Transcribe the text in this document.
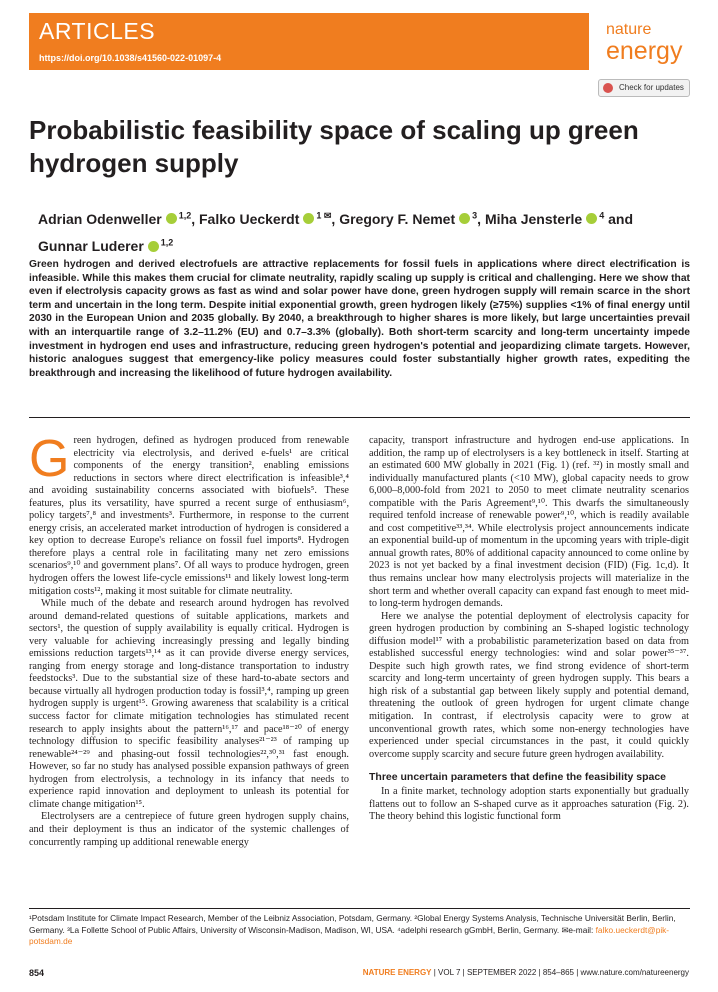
ARTICLES
https://doi.org/10.1038/s41560-022-01097-4
nature
energy
Check for updates
Probabilistic feasibility space of scaling up green hydrogen supply
Adrian Odenweller $^{1,2}$, Falko Ueckerdt $^{1 ✉}$, Gregory F. Nemet $^3$, Miha Jensterle $^4$ and Gunnar Luderer $^{1,2}$

Green hydrogen and derived electrofuels are attractive replacements for fossil fuels in applications where direct electrification is infeasible. While this makes them crucial for climate neutrality, rapidly scaling up supply is critical and challenging. Here we show that even if electrolysis capacity grows as fast as wind and solar power have done, green hydrogen supply will remain scarce in the short term and uncertain in the long term. Despite initial exponential growth, green hydrogen likely (≥75%) supplies <1% of final energy until 2030 in the European Union and 2035 globally. By 2040, a breakthrough to higher shares is more likely, but large uncertainties prevail with an interquartile range of 3.2–11.2% (EU) and 0.7–3.3% (globally). Both short-term scarcity and long-term uncertainty impede investment in hydrogen end uses and infrastructure, reducing green hydrogen's potential and jeopardizing climate targets. However, historic analogues suggest that emergency-like policy measures could foster substantially higher growth rates, expediting the breakthrough and increasing the likelihood of future hydrogen availability.

G reen hydrogen, defined as hydrogen produced from renewable electricity via electrolysis, and derived e-fuels¹ are critical components of the energy transition², enabling emissions reductions in sectors where direct electrification is infeasible³,⁴ and avoiding sustainability concerns associated with biofuels⁵. These features, plus its versatility, have spurred a recent surge of enthusiasm⁶, policy targets⁷,⁸ and investments³. Furthermore, in response to the current energy crisis, an accelerated market introduction of hydrogen is considered a key option to decrease Europe's reliance on fossil fuel imports⁸. Hydrogen therefore plays a central role in facilitating many net zero emissions scenarios⁹,¹⁰ and government plans⁷. Of all ways to produce hydrogen, green hydrogen offers the lowest life-cycle emissions¹¹ and likely lowest long-term mitigation costs¹², making it most suitable for climate neutrality.

While much of the debate and research around hydrogen has revolved around demand-related questions of suitable applications, markets and sectors¹, the question of supply availability is equally critical. Hydrogen is very valuable for achieving increasingly pressing and legally binding emissions reduction targets¹³,¹⁴ as it can provide diverse energy services, ranging from energy storage and long-distance transportation to industry feedstocks³. Due to the substantial size of these hard-to-abate sectors and because virtually all hydrogen production today is fossil³,⁴, ramping up green hydrogen supply is urgent¹⁵. Growing awareness that scalability is a critical success factor for climate mitigation technologies has stimulated recent research to apply insights about the pattern¹⁶,¹⁷ and pace¹⁸⁻²⁰ of energy technology diffusion to specific feasibility analyses²¹⁻²³ of ramping up renewable²⁴⁻²⁹ and phasing-out fossil technologies²²,³⁰,³¹ fast enough. However, so far no study has analysed possible expansion pathways of green hydrogen from electrolysis, a technology in its infancy that needs to experience rapid innovation and deployment to unleash its potential for climate change mitigation¹⁵.

Electrolysers are a centrepiece of future green hydrogen supply chains, and their deployment is thus an indicator of the systemic challenges of concurrently ramping up additional renewable energy

capacity, transport infrastructure and hydrogen end-use applications. In addition, the ramp up of electrolysers is a key bottleneck in itself. Starting at an estimated 600 MW globally in 2021 (Fig. 1) (ref. ³²) in mostly small and individually manufactured plants (<10 MW), global capacity needs to grow 6,000–8,000-fold from 2021 to 2050 to meet climate neutrality scenarios compatible with the Paris Agreement⁹,¹⁰. This dwarfs the simultaneously required tenfold increase of renewable power⁹,¹⁰, which is readily available and cost competitive³³,³⁴. While electrolysis project announcements indicate an exponential build-up of momentum in the upcoming years with triple-digit annual growth rates, 80% of additional capacity announced to come online by 2023 is not yet backed by a final investment decision (FID) (Fig. 1c,d). It thus remains unclear how many electrolysis projects will materialize in the short term and whether overall capacity can expand fast enough to meet mid- to long-term hydrogen demands.

Here we analyse the potential deployment of electrolysis capacity for green hydrogen production by combining an S-shaped logistic technology diffusion model¹⁷ with a probabilistic parameterization based on data from established successful energy technologies: wind and solar power³⁵⁻³⁷. Despite such high growth rates, we find strong evidence of short-term scarcity and long-term uncertainty of green hydrogen supply. This bears a high risk of a substantial gap between likely supply and potential demand, threatening the outlook of green hydrogen for urgent climate change mitigation. In contrast, if electrolysis capacity were to grow at unconventional growth rates, which some non-energy technologies have experienced under special circumstances in the past, it could quickly overcome supply scarcity and secure future green hydrogen availability.

Three uncertain parameters that define the feasibility space

In a finite market, technology adoption starts exponentially but gradually flattens out to follow an S-shaped curve as it approaches saturation (Fig. 2). The theory behind this logistic functional form

¹Potsdam Institute for Climate Impact Research, Member of the Leibniz Association, Potsdam, Germany. ²Global Energy Systems Analysis, Technische Universität Berlin, Berlin, Germany. ³La Follette School of Public Affairs, University of Wisconsin-Madison, Madison, WI, USA. ⁴adelphi research gGmbH, Berlin, Germany. ✉e-mail: falko.ueckerdt@pik-potsdam.de

854	NATURE ENERGY | VOL 7 | SEPTEMBER 2022 | 854–865 | www.nature.com/natureenergy
